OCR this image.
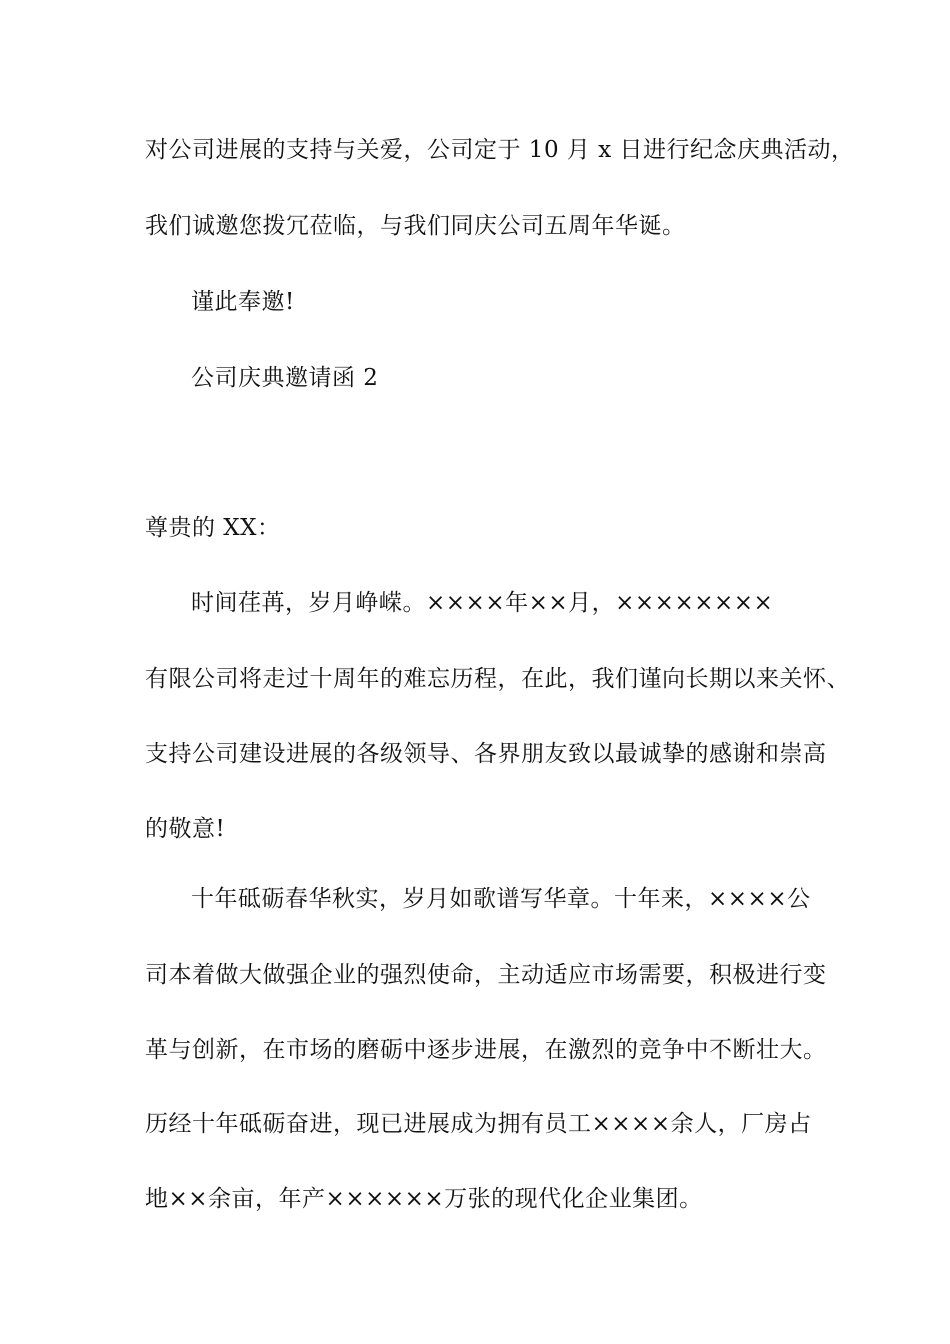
对公司进展的支持与关爱，公司定于 10 月 x 日进行纪念庆典活动，
我们诚邀您拨冗莅临，与我们同庆公司五周年华诞。
谨此奉邀!
公司庆典邀请函 2
尊贵的 XX：
时间荏苒，岁月峥嵘。××××年××月，××××××××
有限公司将走过十周年的难忘历程，在此，我们谨向长期以来关怀、
支持公司建设进展的各级领导、各界朋友致以最诚挚的感谢和崇高
的敬意!
十年砥砺春华秋实，岁月如歌谱写华章。十年来，××××公
司本着做大做强企业的强烈使命，主动适应市场需要，积极进行变
革与创新，在市场的磨砺中逐步进展，在激烈的竞争中不断壮大。
历经十年砥砺奋进，现已进展成为拥有员工××××余人，厂房占
地××余亩，年产××××××万张的现代化企业集团。
